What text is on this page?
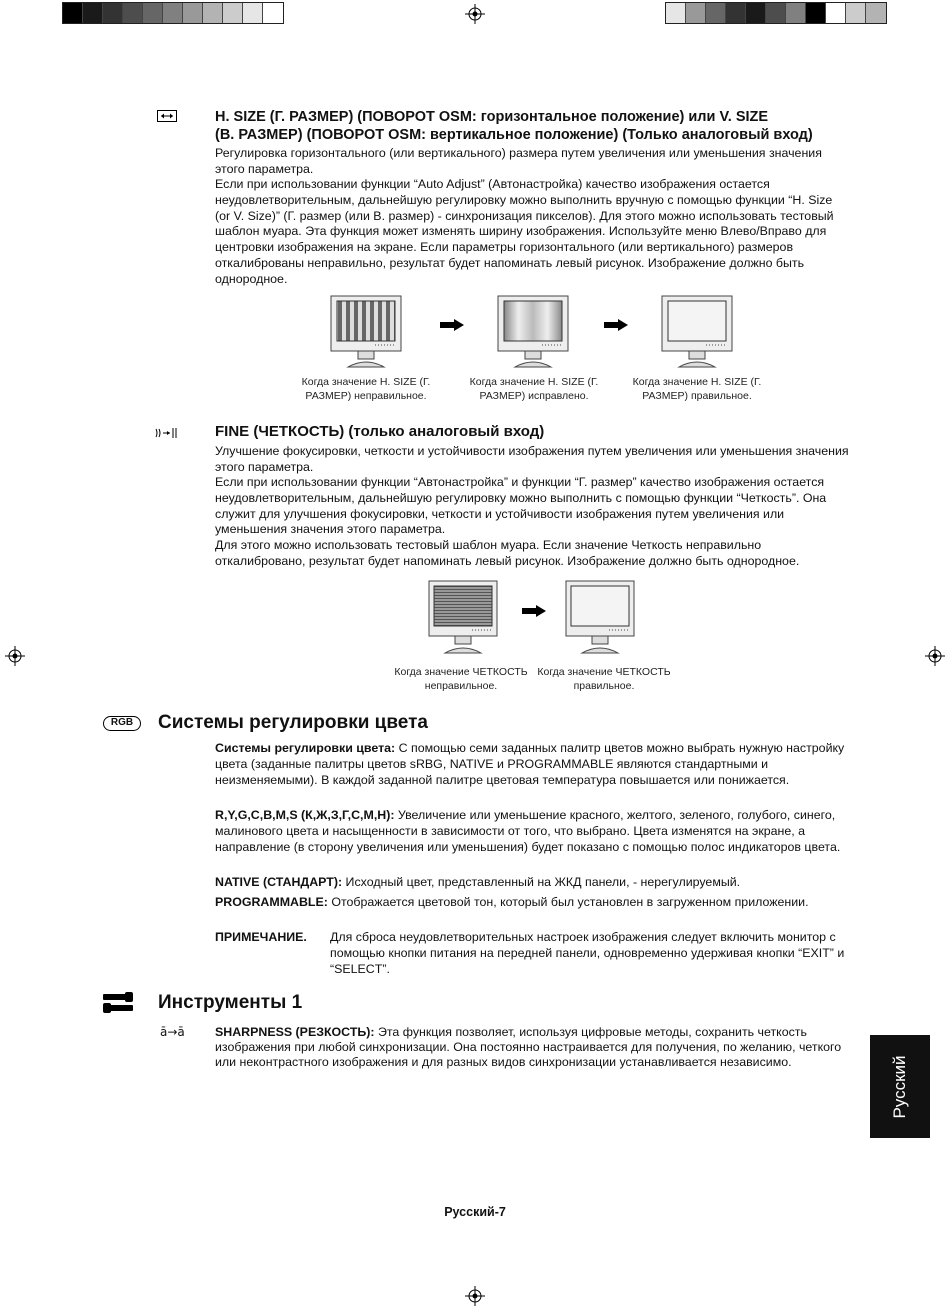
H. SIZE (Г. РАЗМЕР) (ПОВОРОТ OSM: горизонтальное положение) или V. SIZE
(В. РАЗМЕР) (ПОВОРОТ OSM: вертикальное положение) (Только аналоговый вход)
Регулировка горизонтального (или вертикального) размера путем увеличения или уменьшения значения этого параметра.
Если при использовании функции “Auto Adjust” (Автонастройка) качество изображения остается неудовлетворительным, дальнейшую регулировку можно выполнить вручную с помощью функции “H. Size (or V. Size)” (Г. размер (или В. размер) - синхронизация пикселов). Для этого можно использовать тестовый шаблон муара. Эта функция может изменять ширину изображения. Используйте меню Влево/Вправо для центровки изображения на экране. Если параметры горизонтального (или вертикального) размеров откалиброваны неправильно, результат будет напоминать левый рисунок. Изображение должно быть однородное.
Когда значение H. SIZE (Г. РАЗМЕР) неправильное.
Когда значение H. SIZE (Г. РАЗМЕР) исправлено.
Когда значение H. SIZE (Г. РАЗМЕР) правильное.
FINE (ЧЕТКОСТЬ) (только аналоговый вход)
Улучшение фокусировки, четкости и устойчивости изображения путем увеличения или уменьшения значения этого параметра.
Если при использовании функции “Автонастройка” и функции “Г. размер” качество изображения остается неудовлетворительным, дальнейшую регулировку можно выполнить с помощью функции “Четкость”. Она служит для улучшения фокусировки, четкости и устойчивости изображения путем увеличения или уменьшения значения этого параметра.
Для этого можно использовать тестовый шаблон муара. Если значение Четкость неправильно откалибровано, результат будет напоминать левый рисунок. Изображение должно быть однородное.
Когда значение ЧЕТКОСТЬ неправильное.
Когда значение ЧЕТКОСТЬ правильное.
RGB	Системы регулировки цвета
Системы регулировки цвета: С помощью семи заданных палитр цветов можно выбрать нужную настройку цвета (заданные палитры цветов sRBG, NATIVE и PROGRAMMABLE являются стандартными и неизменяемыми). В каждой заданной палитре цветовая температура повышается или понижается.
R,Y,G,C,B,M,S (К,Ж,З,Г,С,М,Н): Увеличение или уменьшение красного, желтого, зеленого, голубого, синего, малинового цвета и насыщенности в зависимости от того, что выбрано. Цвета изменятся на экране, а направление (в сторону увеличения или уменьшения) будет показано с помощью полос индикаторов цвета.
NATIVE (СТАНДАРТ): Исходный цвет, представленный на ЖКД панели, - нерегулируемый.
PROGRAMMABLE: Отображается цветовой тон, который был установлен в загруженном приложении.
ПРИМЕЧАНИЕ.	Для сброса неудовлетворительных настроек изображения следует включить монитор с помощью кнопки питания на передней панели, одновременно удерживая кнопки “EXIT” и “SELECT”.
Инструменты 1
ā→ā SHARPNESS (РЕЗКОСТЬ): Эта функция позволяет, используя цифровые методы, сохранить четкость изображения при любой синхронизации. Она постоянно настраивается для получения, по желанию, четкого или неконтрастного изображения и для разных видов синхронизации устанавливается независимо.	Русский
Русский-7
